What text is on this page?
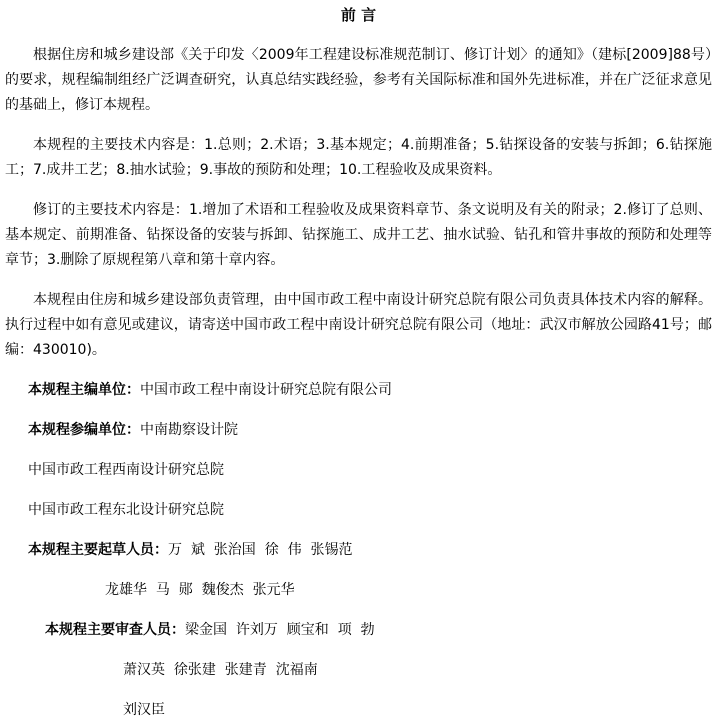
前 言

根据住房和城乡建设部《关于印发〈2009年工程建设标准规范制订、修订计划〉的通知》（建标[2009]88号）的要求，规程编制组经广泛调查研究，认真总结实践经验，参考有关国际标准和国外先进标准，并在广泛征求意见的基础上，修订本规程。

本规程的主要技术内容是：1.总则；2.术语；3.基本规定；4.前期准备；5.钻探设备的安装与拆卸；6.钻探施工；7.成井工艺；8.抽水试验；9.事故的预防和处理；10.工程验收及成果资料。

修订的主要技术内容是：1.增加了术语和工程验收及成果资料章节、条文说明及有关的附录；2.修订了总则、基本规定、前期准备、钻探设备的安装与拆卸、钻探施工、成井工艺、抽水试验、钻孔和管井事故的预防和处理等章节；3.删除了原规程第八章和第十章内容。

本规程由住房和城乡建设部负责管理，由中国市政工程中南设计研究总院有限公司负责具体技术内容的解释。执行过程中如有意见或建议，请寄送中国市政工程中南设计研究总院有限公司（地址：武汉市解放公园路41号；邮编：430010)。

本规程主编单位：中国市政工程中南设计研究总院有限公司

本规程参编单位：中南勘察设计院

中国市政工程西南设计研究总院

中国市政工程东北设计研究总院

本规程主要起草人员：万  斌  张治国  徐  伟  张锡范

龙雄华  马  郧  魏俊杰  张元华

本规程主要审查人员：梁金国  许刘万  顾宝和  项  勃

萧汉英  徐张建  张建青  沈福南

刘汉臣
